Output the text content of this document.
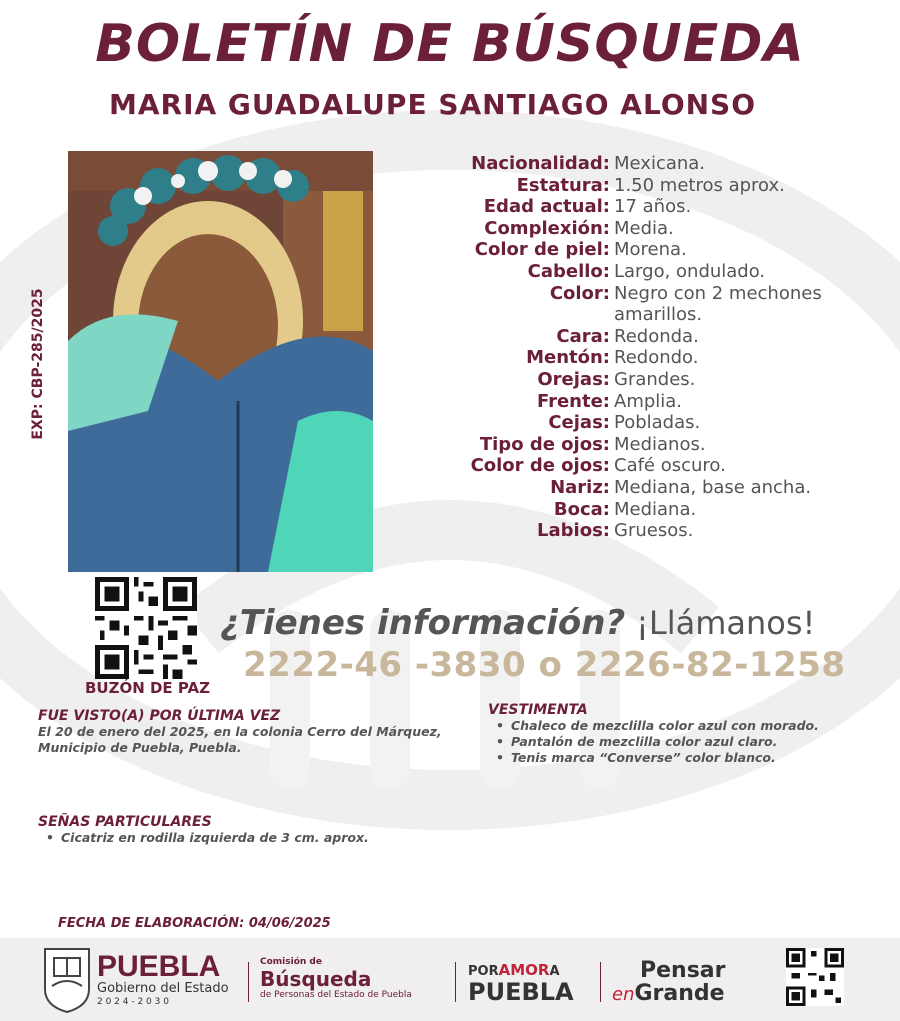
BOLETÍN DE BÚSQUEDA
MARIA GUADALUPE SANTIAGO ALONSO
EXP: CBP-285/2025
Nacionalidad: Mexicana.
Estatura: 1.50 metros aprox.
Edad actual: 17 años.
Complexión: Media.
Color de piel: Morena.
Cabello: Largo, ondulado.
Color: Negro con 2 mechones amarillos.
Cara: Redonda.
Mentón: Redondo.
Orejas: Grandes.
Frente: Amplia.
Cejas: Pobladas.
Tipo de ojos: Medianos.
Color de ojos: Café oscuro.
Nariz: Mediana, base ancha.
Boca: Mediana.
Labios: Gruesos.
BUZÓN DE PAZ
¿Tienes información? ¡Llámanos!
2222-46 -3830 o 2226-82-1258
FUE VISTO(A) POR ÚLTIMA VEZ
El 20 de enero del 2025, en la colonia Cerro del Márquez, Municipio de Puebla, Puebla.
VESTIMENTA
• Chaleco de mezclilla color azul con morado.
• Pantalón de mezclilla color azul claro.
• Tenis marca “Converse” color blanco.
SEÑAS PARTICULARES
• Cicatriz en rodilla izquierda de 3 cm. aprox.
FECHA DE ELABORACIÓN: 04/06/2025
PUEBLA
Gobierno del Estado
2 0 2 4 - 2 0 3 0
Comisión de
Búsqueda
de Personas del Estado de Puebla
PORAMORA
PUEBLA
Pensar
enGrande
